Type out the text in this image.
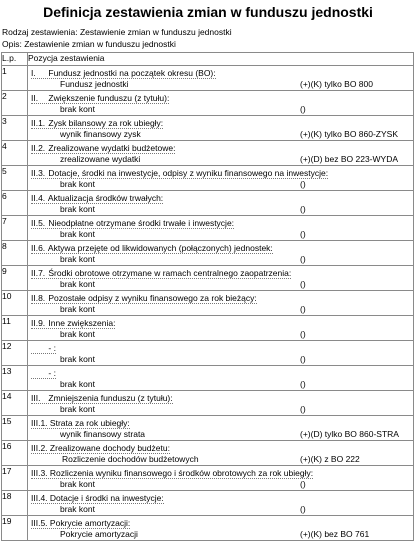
Definicja zestawienia zmian w funduszu jednostki
Rodzaj zestawienia: Zestawienie zmian w funduszu jednostki
Opis: Zestawienie zmian w funduszu jednostki
L.p.	Pozycja zestawienia
1	I. Fundusz jednostki na początek okresu (BO):
Fundusz jednostki (+)(K) tylko BO 800

2	II. Zwiększenie funduszu (z tytułu):
brak kont ()

3	II.1. Zysk bilansowy za rok ubiegły:
wynik finansowy zysk (+)(K) tylko BO 860-ZYSK

4	II.2. Zrealizowane wydatki budżetowe:
zrealizowane wydatki (+)(D) bez BO 223-WYDA

5	II.3. Dotacje, środki na inwestycje, odpisy z wyniku finansowego na inwestycje:
brak kont ()

6	II.4. Aktualizacja środków trwałych:
brak kont ()

7	II.5. Nieodpłatne otrzymane środki trwałe i inwestycje:
brak kont ()

8	II.6. Aktywa przejęte od likwidowanych (połączonych) jednostek:
brak kont ()

9	II.7. Środki obrotowe otrzymane w ramach centralnego zaopatrzenia:
brak kont ()

10	II.8. Pozostałe odpisy z wyniku finansowego za rok bieżący:
brak kont ()

11	II.9. Inne zwiększenia:
brak kont ()

12	- :
brak kont ()

13	- :
brak kont ()

14	III. Zmniejszenia funduszu (z tytułu):
brak kont ()

15	III.1. Strata za rok ubiegły:
wynik finansowy strata (+)(D) tylko BO 860-STRA

16	III.2. Zrealizowane dochody budżetu:
Rozliczenie dochodów budżetowych (+)(K) z BO 222

17	III.3. Rozliczenia wyniku finansowego i środków obrotowych za rok ubiegły:
brak kont ()

18	III.4. Dotacje i środki na inwestycje:
brak kont ()

19	III.5. Pokrycie amortyzacji:
Pokrycie amortyzacji (+)(K) bez BO 761
